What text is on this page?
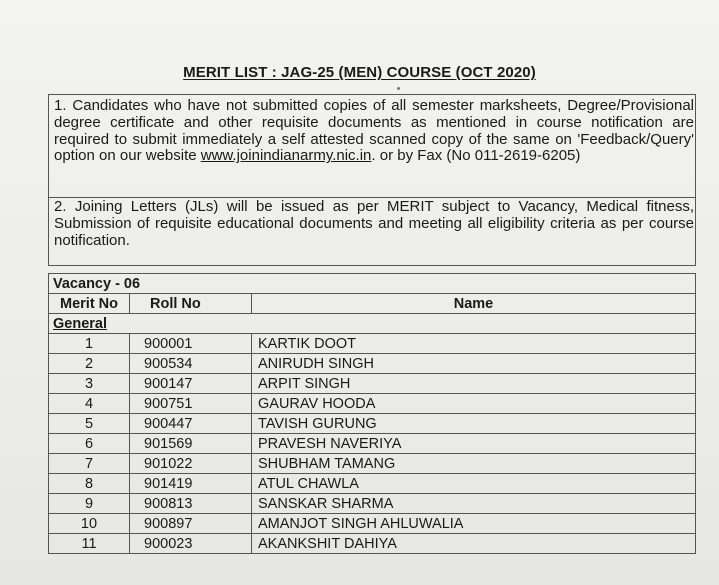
MERIT LIST : JAG-25 (MEN) COURSE (OCT 2020)
1. Candidates who have not submitted copies of all semester marksheets, Degree/Provisional degree certificate and other requisite documents as mentioned in course notification are required to submit immediately a self attested scanned copy of the same on 'Feedback/Query' option on our website www.joinindianarmy.nic.in. or by Fax (No 011-2619-6205)
2. Joining Letters (JLs) will be issued as per MERIT subject to Vacancy, Medical fitness, Submission of requisite educational documents and meeting all eligibility criteria as per course notification.
Vacancy - 06		
Merit No	Roll No	Name
General		
1	900001	KARTIK DOOT
2	900534	ANIRUDH SINGH
3	900147	ARPIT SINGH
4	900751	GAURAV HOODA
5	900447	TAVISH GURUNG
6	901569	PRAVESH NAVERIYA
7	901022	SHUBHAM TAMANG
8	901419	ATUL CHAWLA
9	900813	SANSKAR SHARMA
10	900897	AMANJOT SINGH AHLUWALIA
11	900023	AKANKSHIT DAHIYA
